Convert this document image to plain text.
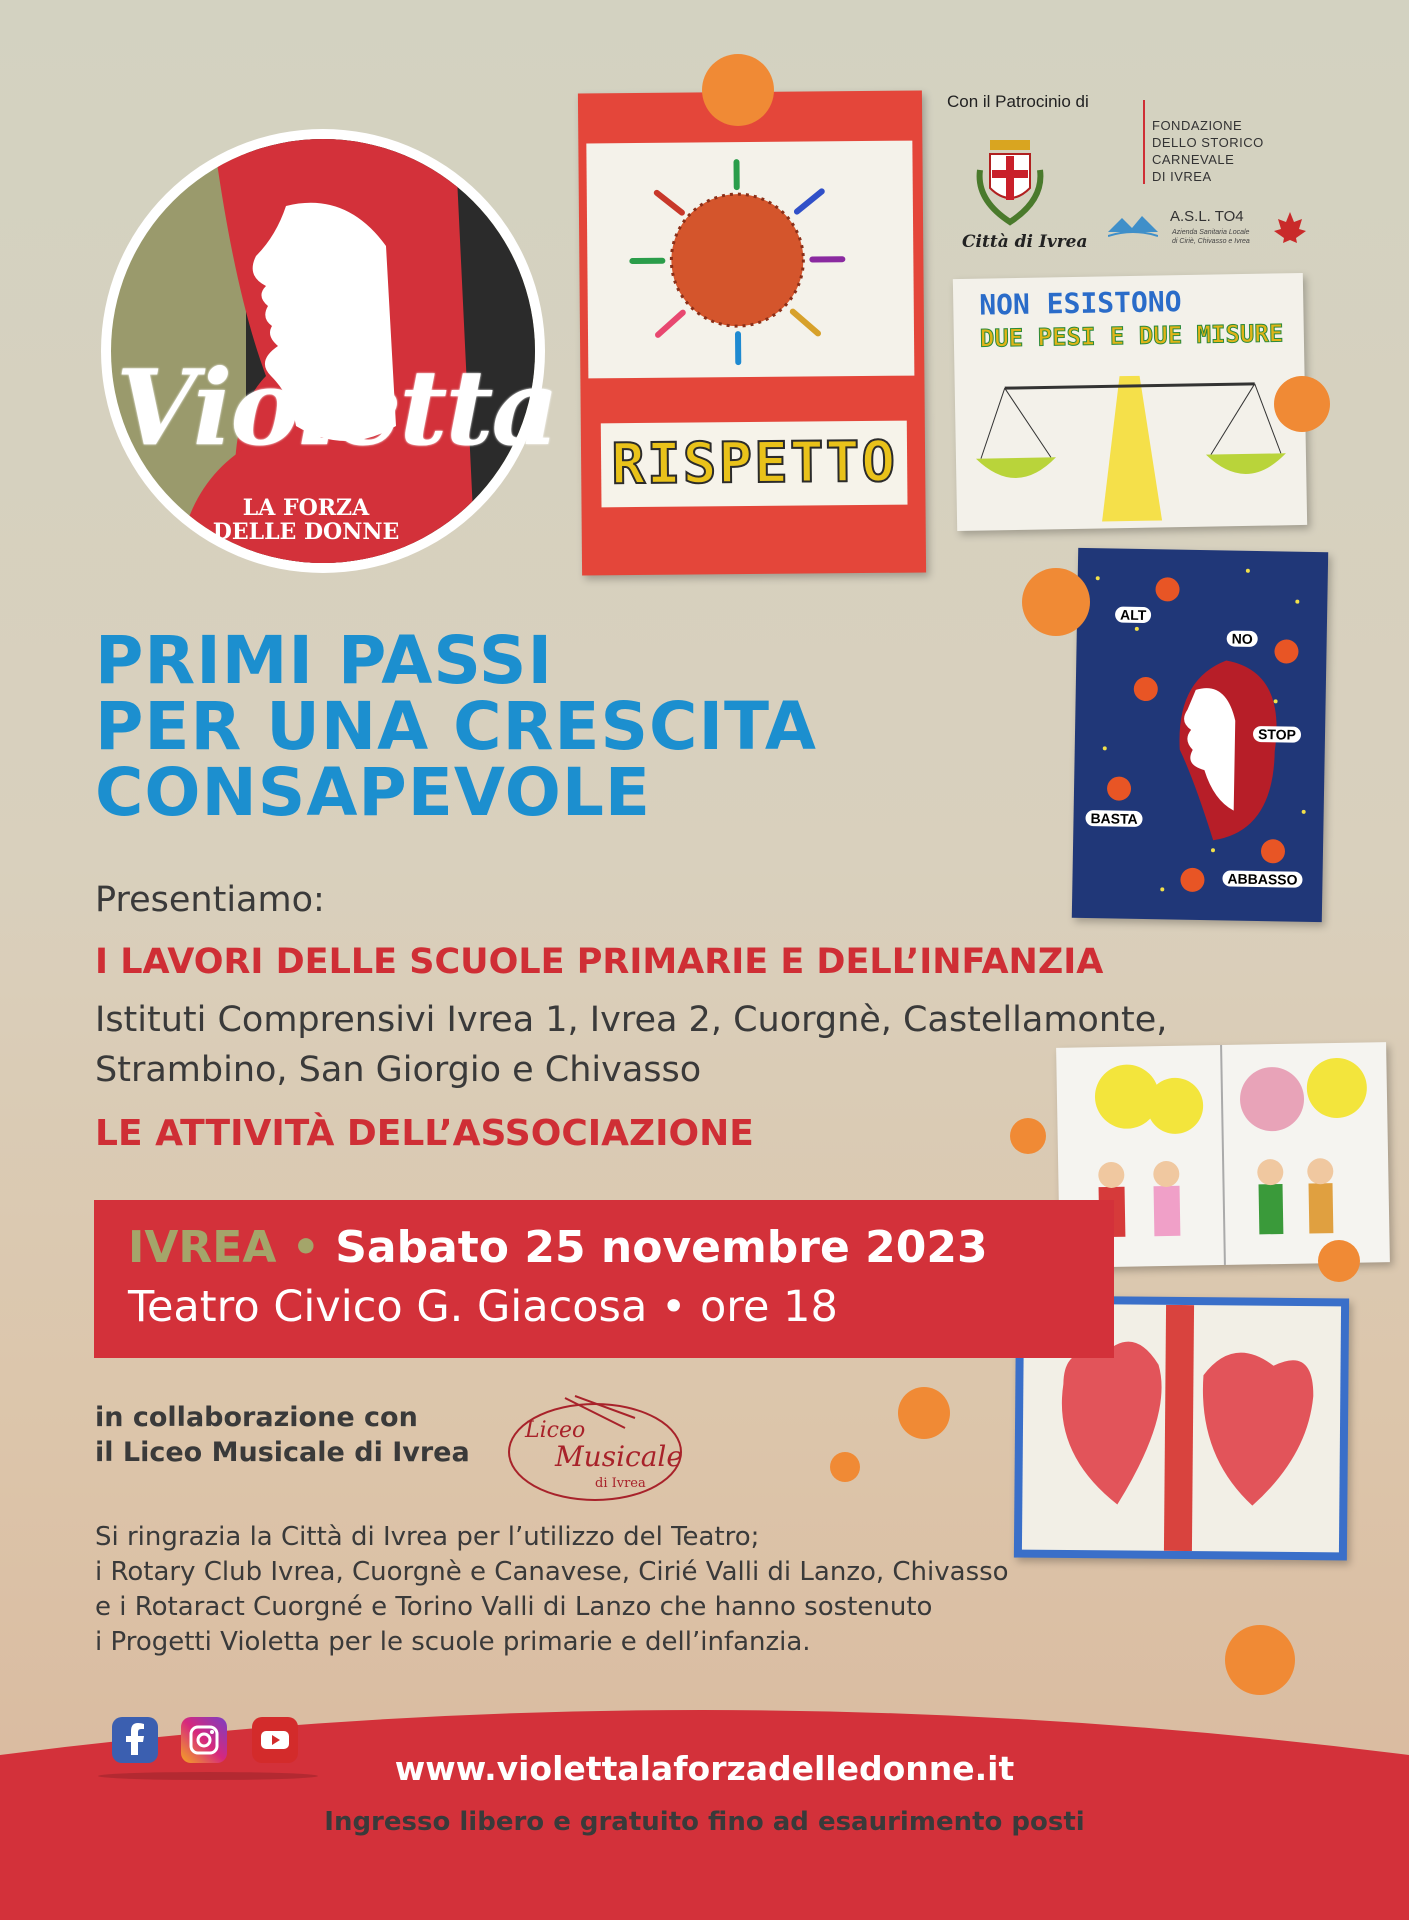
Violetta
LA FORZA
DELLE DONNE
Con il Patrocinio di
Città di Ivrea
FONDAZIONE
DELLO STORICO
CARNEVALE
DI IVREA
A.S.L. TO4
Azienda Sanitaria Locale
di Ciriè, Chivasso e Ivrea
RISPETTO
NON ESISTONO
DUE PESI E DUE MISURE
ALT
NO
STOP
BASTA
ABBASSO
PRIMI PASSI
PER UNA CRESCITA
CONSAPEVOLE
Presentiamo:
I LAVORI DELLE SCUOLE PRIMARIE E DELL’INFANZIA
Istituti Comprensivi Ivrea 1, Ivrea 2, Cuorgnè, Castellamonte,
Strambino, San Giorgio e Chivasso
LE ATTIVITÀ DELL’ASSOCIAZIONE
IVREA • Sabato 25 novembre 2023
Teatro Civico G. Giacosa • ore 18
in collaborazione con
il Liceo Musicale di Ivrea
Liceo
Musicale
di Ivrea
Si ringrazia la Città di Ivrea per l’utilizzo del Teatro;
i Rotary Club Ivrea, Cuorgnè e Canavese, Cirié Valli di Lanzo, Chivasso
e i Rotaract Cuorgné e Torino Valli di Lanzo che hanno sostenuto
i Progetti Violetta per le scuole primarie e dell’infanzia.
www.violettalaforzadelledonne.it
Ingresso libero e gratuito fino ad esaurimento posti
